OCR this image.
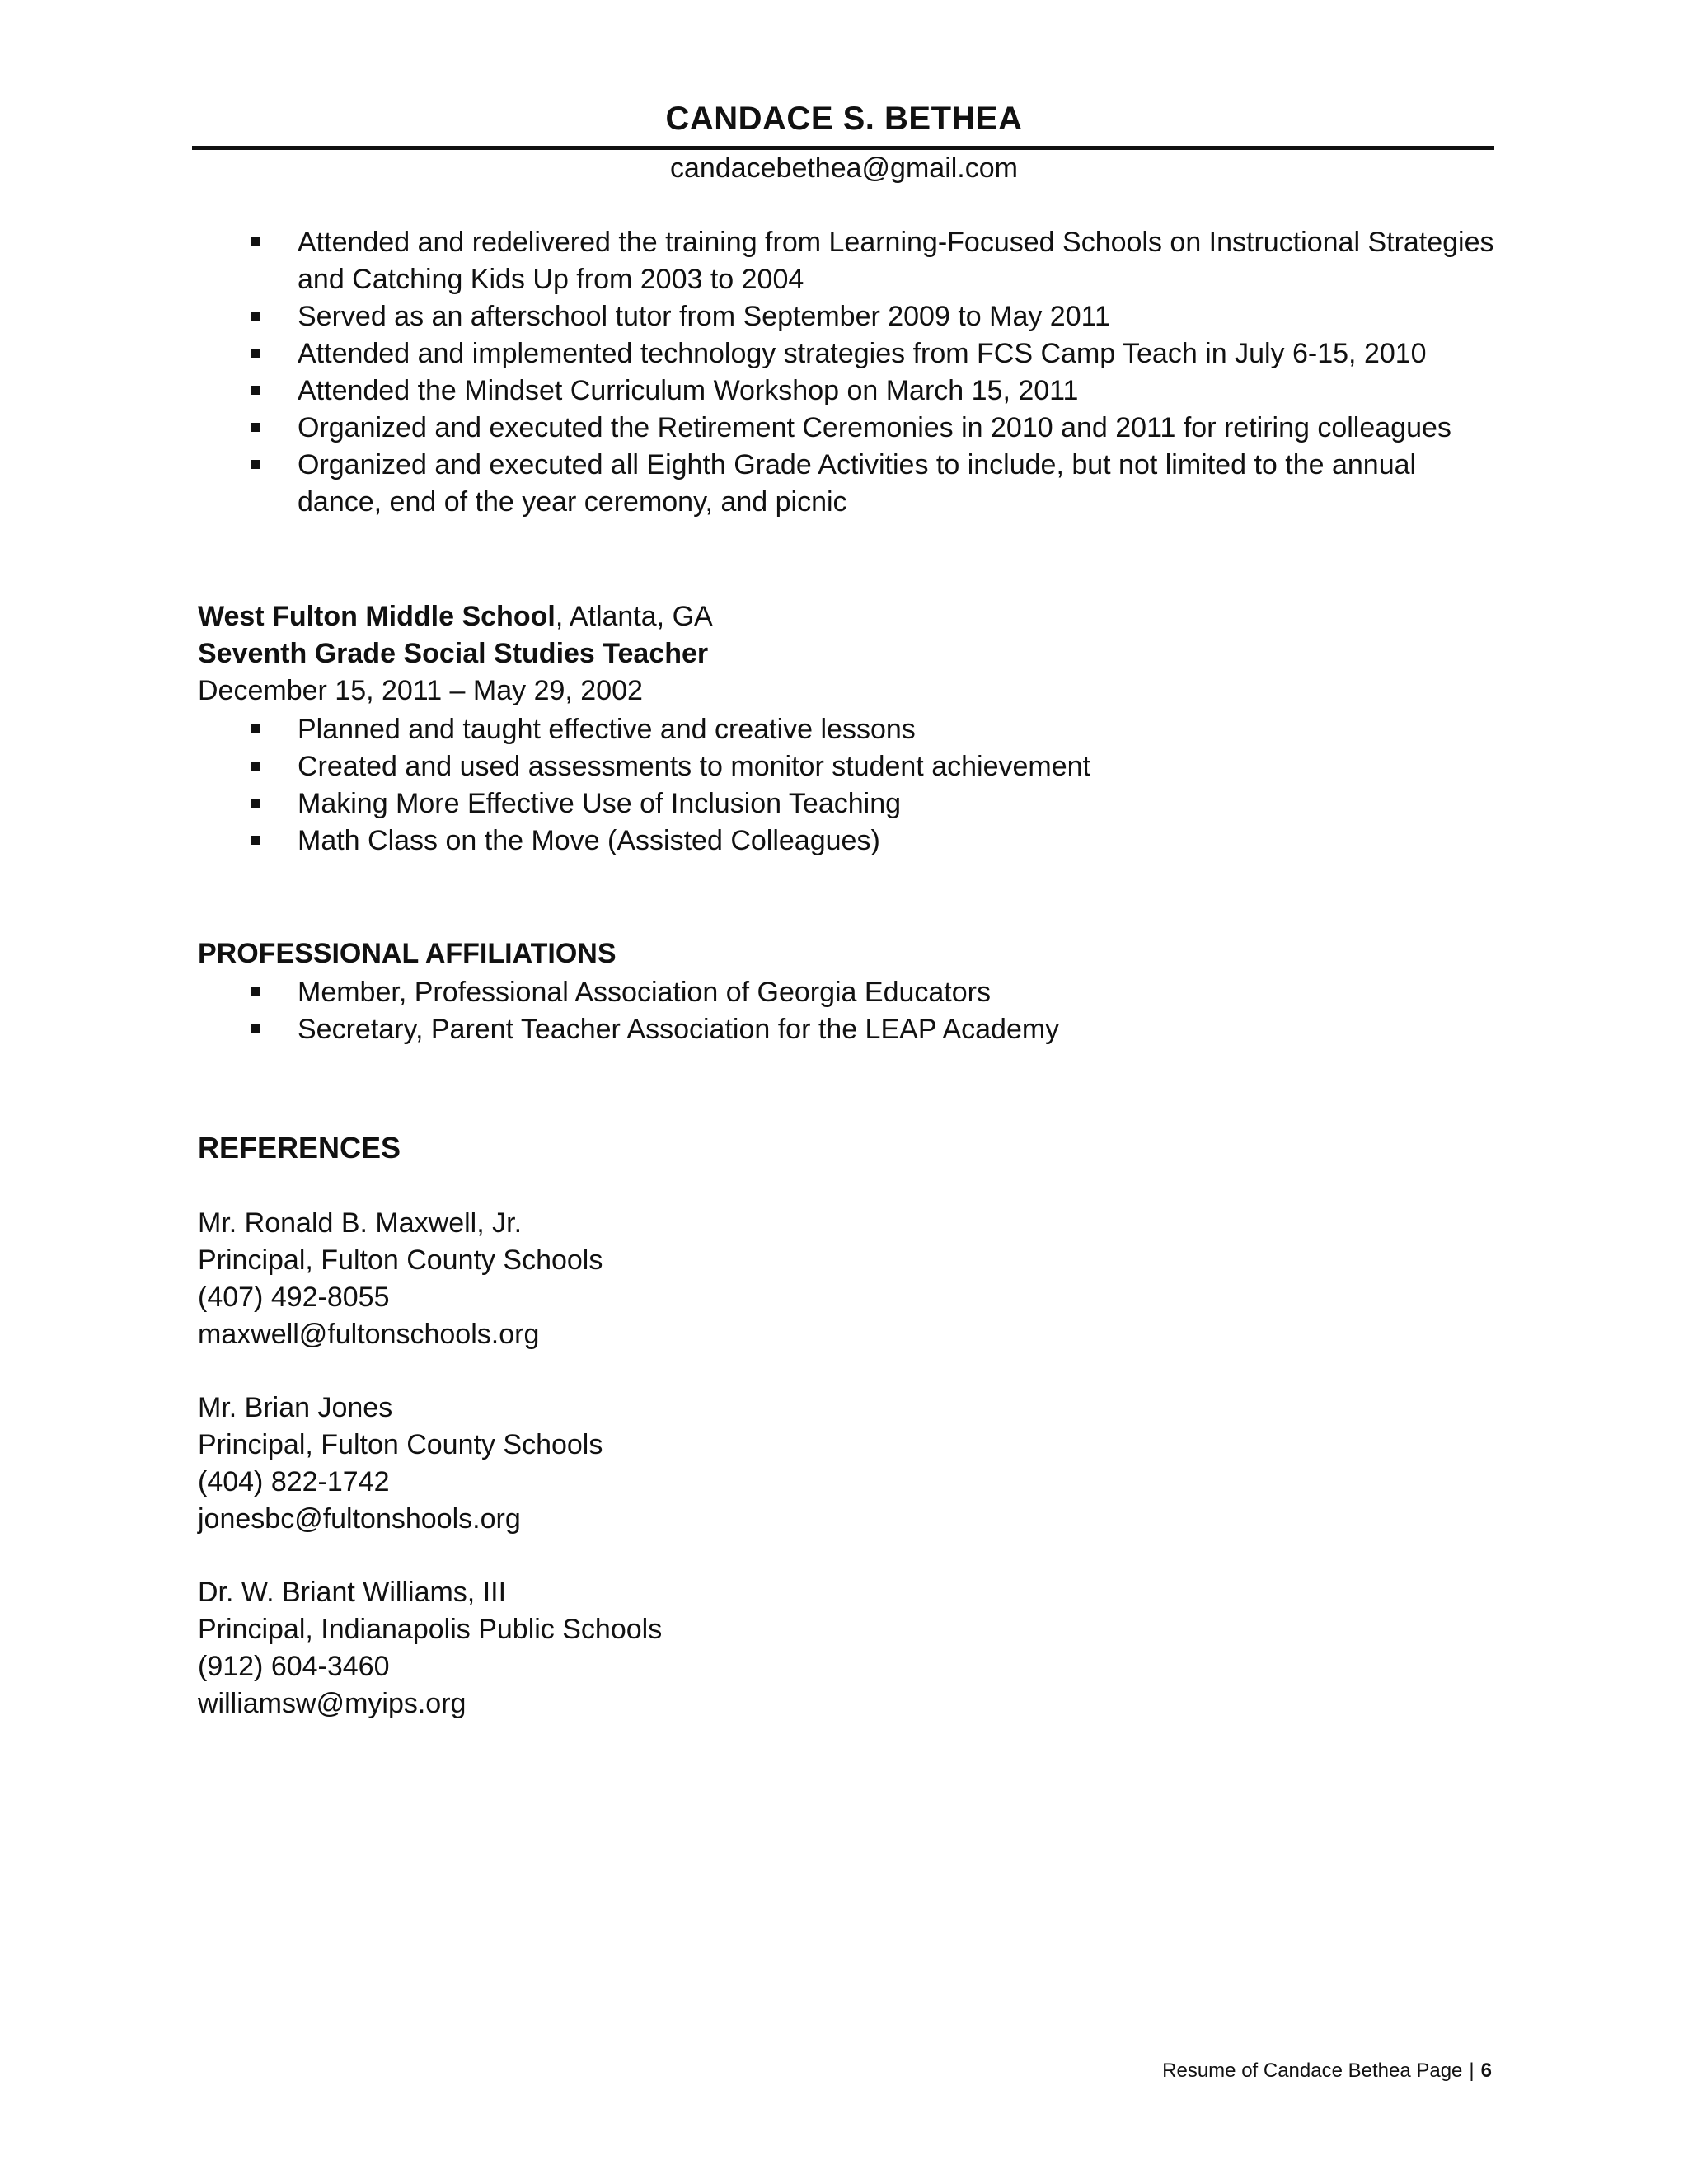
CANDACE S. BETHEA
candacebethea@gmail.com
Attended and redelivered the training from Learning-Focused Schools on Instructional Strategies and Catching Kids Up from 2003 to 2004
Served as an afterschool tutor from September 2009 to May 2011
Attended and implemented technology strategies from FCS Camp Teach in July 6-15, 2010
Attended the Mindset Curriculum Workshop on March 15, 2011
Organized and executed the Retirement Ceremonies in 2010 and 2011 for retiring colleagues
Organized and executed all Eighth Grade Activities to include, but not limited to the annual dance, end of the year ceremony, and picnic
West Fulton Middle School, Atlanta, GA
Seventh Grade Social Studies Teacher
December 15, 2011 – May 29, 2002
Planned and taught effective and creative lessons
Created and used assessments to monitor student achievement
Making More Effective Use of Inclusion Teaching
Math Class on the Move (Assisted Colleagues)
PROFESSIONAL AFFILIATIONS
Member, Professional Association of Georgia Educators
Secretary, Parent Teacher Association for the LEAP Academy
REFERENCES
Mr. Ronald B. Maxwell, Jr.
Principal, Fulton County Schools
(407) 492-8055
maxwell@fultonschools.org
Mr. Brian Jones
Principal, Fulton County Schools
(404) 822-1742
jonesbc@fultonshools.org
Dr. W. Briant Williams, III
Principal, Indianapolis Public Schools
(912) 604-3460
williamsw@myips.org
Resume of Candace Bethea Page | 6
